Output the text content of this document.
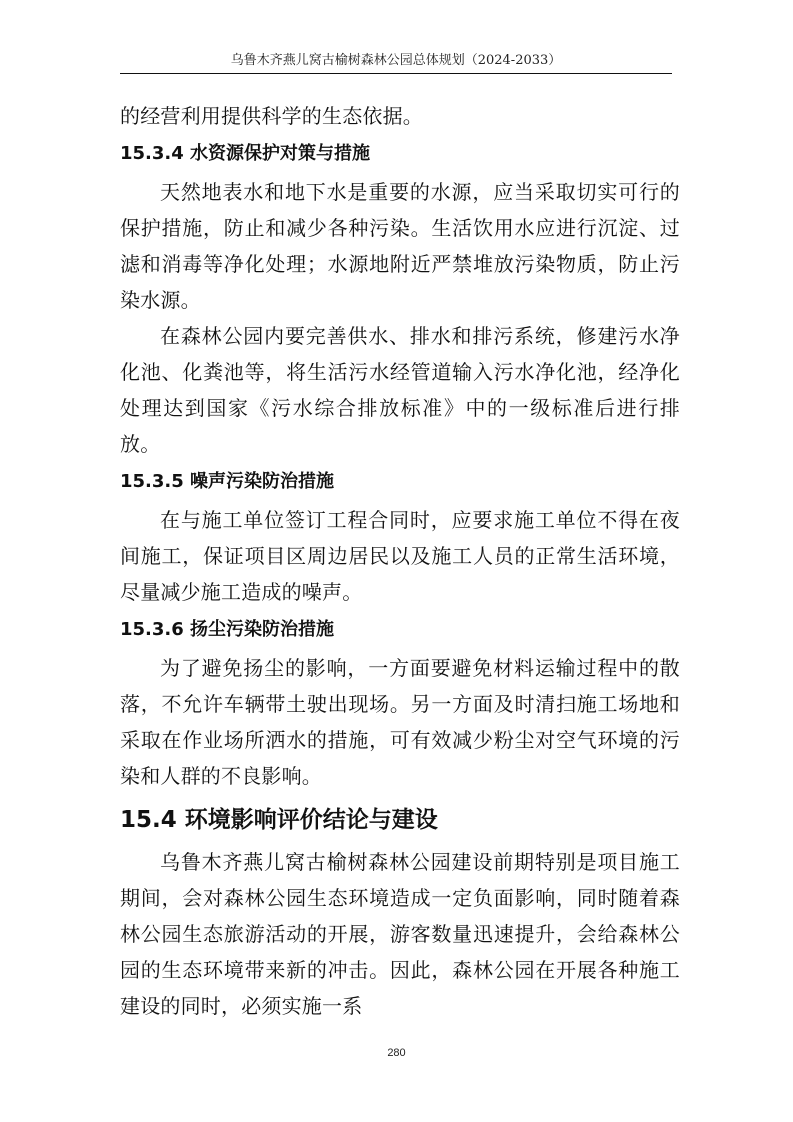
乌鲁木齐燕儿窝古榆树森林公园总体规划（2024-2033）

的经营利用提供科学的生态依据。

15.3.4 水资源保护对策与措施

天然地表水和地下水是重要的水源，应当采取切实可行的保护措施，防止和减少各种污染。生活饮用水应进行沉淀、过滤和消毒等净化处理；水源地附近严禁堆放污染物质，防止污染水源。

在森林公园内要完善供水、排水和排污系统，修建污水净化池、化粪池等，将生活污水经管道输入污水净化池，经净化处理达到国家《污水综合排放标准》中的一级标准后进行排放。

15.3.5 噪声污染防治措施

在与施工单位签订工程合同时，应要求施工单位不得在夜间施工，保证项目区周边居民以及施工人员的正常生活环境，尽量减少施工造成的噪声。

15.3.6 扬尘污染防治措施

为了避免扬尘的影响，一方面要避免材料运输过程中的散落，不允许车辆带土驶出现场。另一方面及时清扫施工场地和采取在作业场所洒水的措施，可有效减少粉尘对空气环境的污染和人群的不良影响。

15.4 环境影响评价结论与建设

乌鲁木齐燕儿窝古榆树森林公园建设前期特别是项目施工期间，会对森林公园生态环境造成一定负面影响，同时随着森林公园生态旅游活动的开展，游客数量迅速提升，会给森林公园的生态环境带来新的冲击。因此，森林公园在开展各种施工建设的同时，必须实施一系

280
